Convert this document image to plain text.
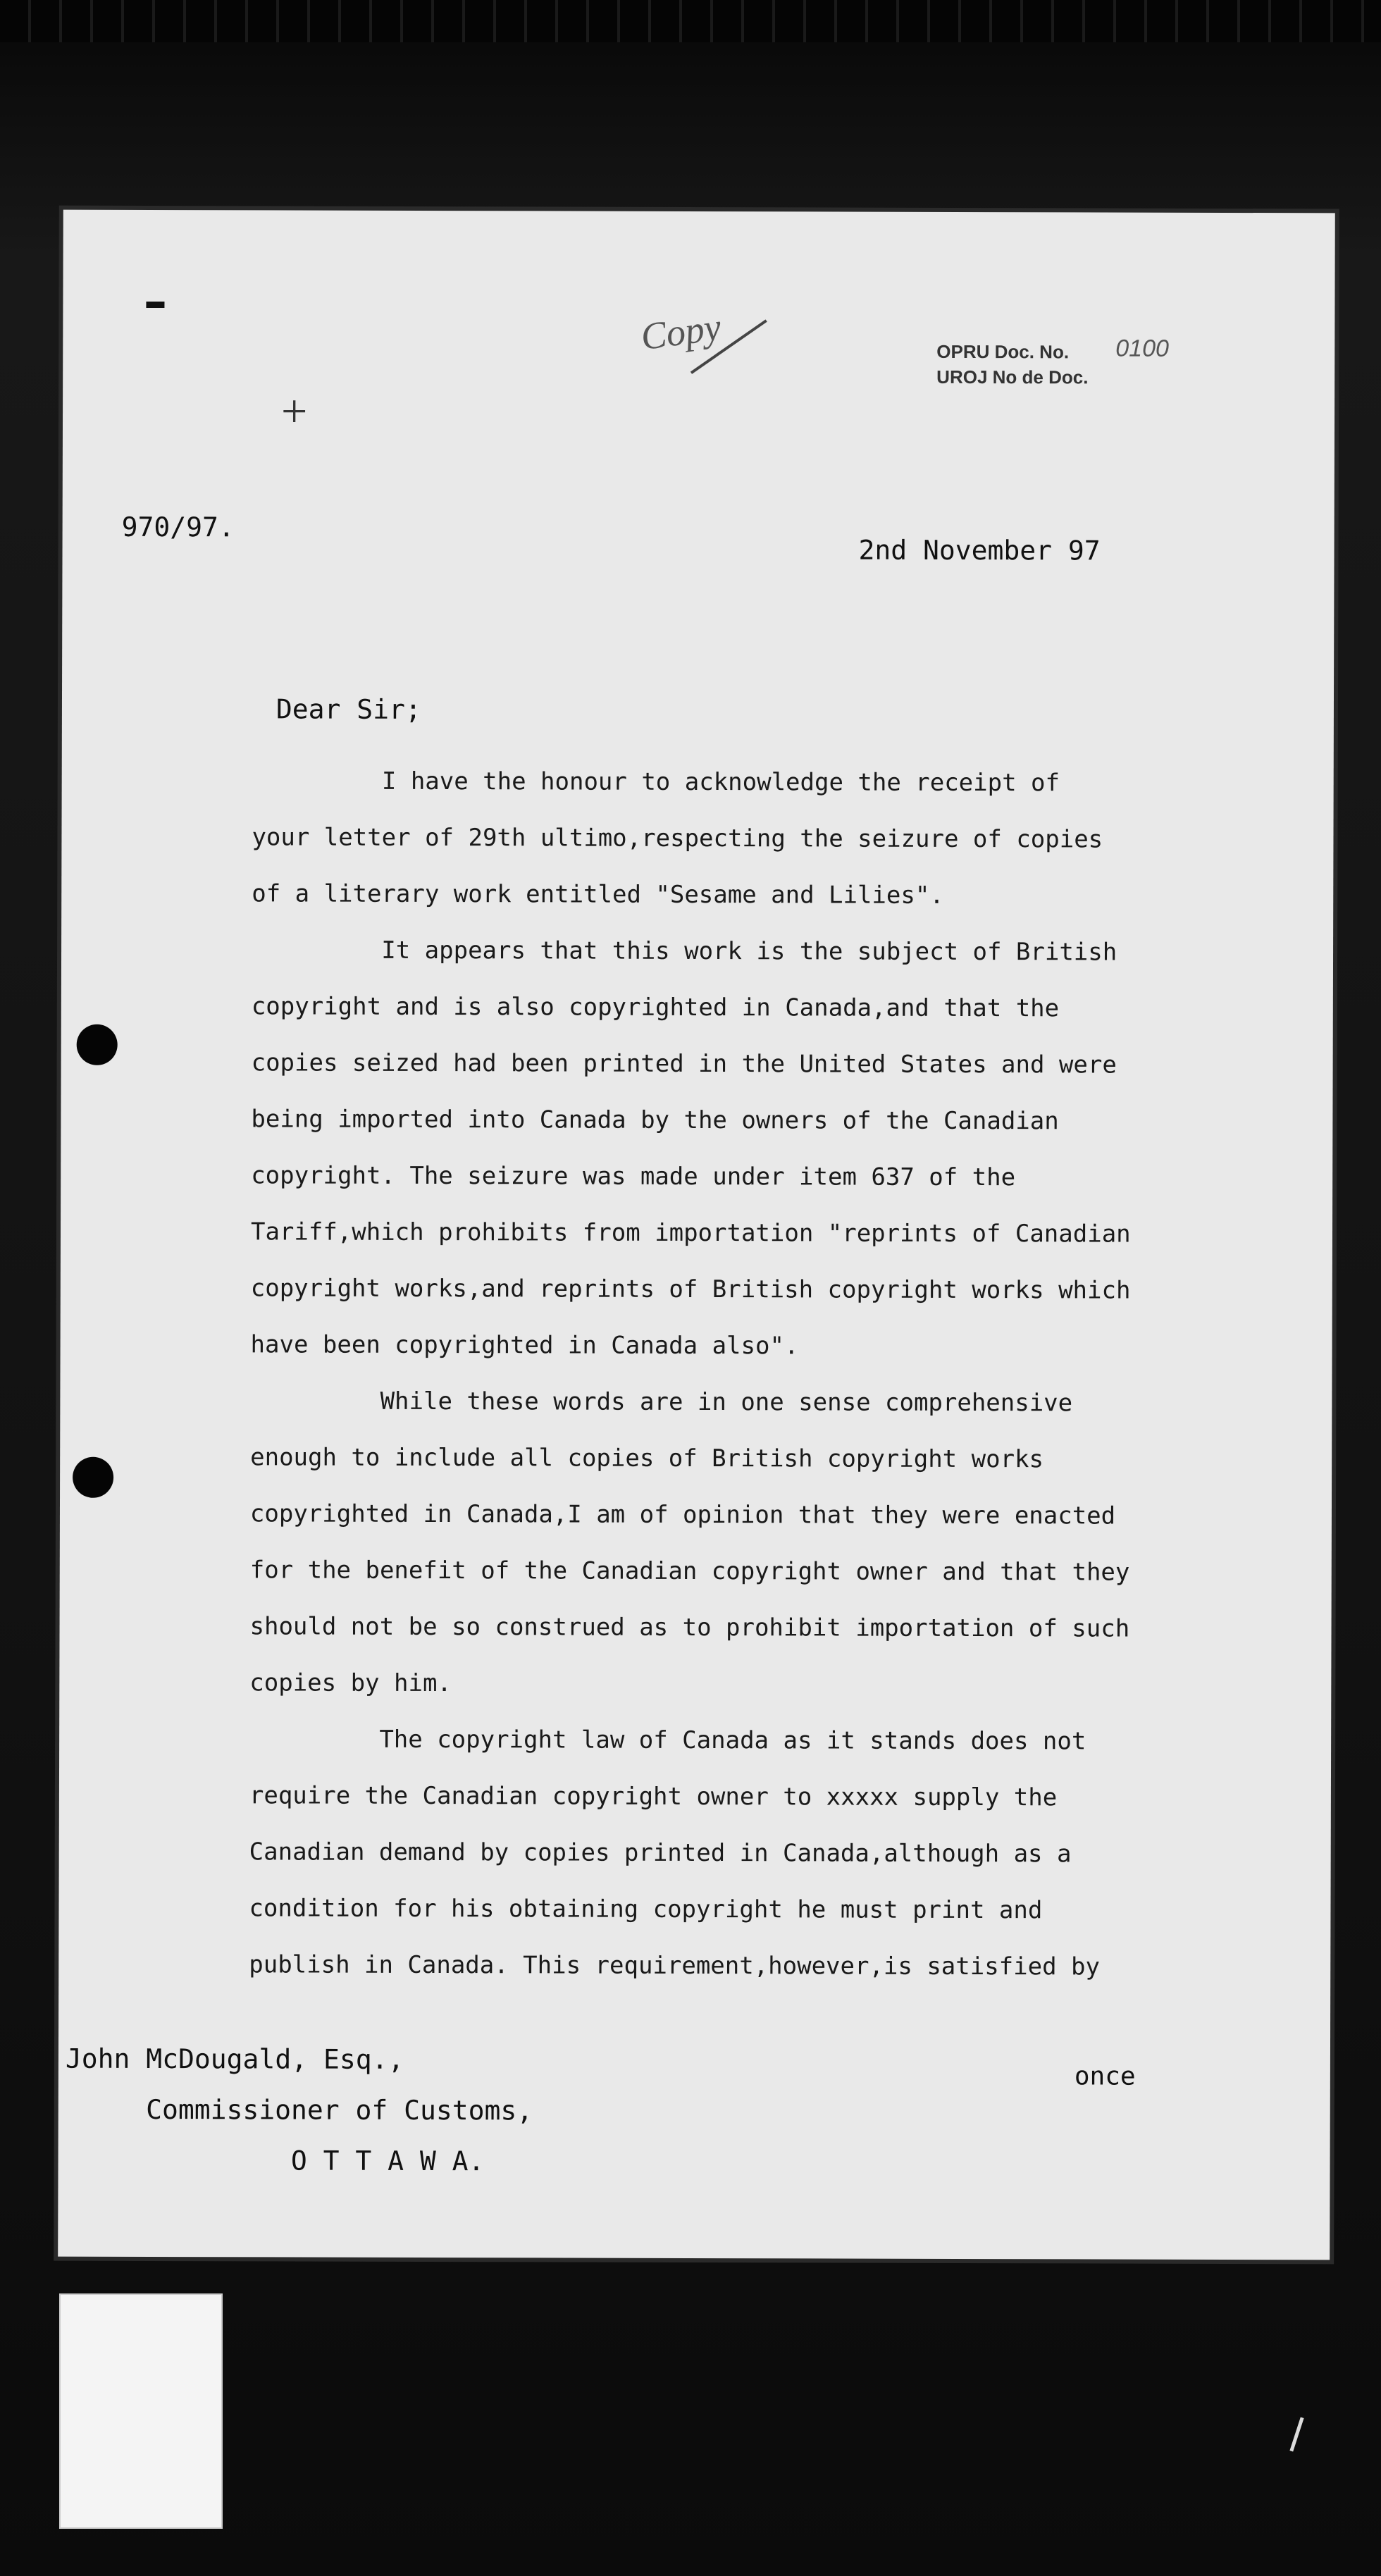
Copy	OPRU Doc. No.
UROJ No de Doc.
0100
+
970/97.
2nd November 97
Dear Sir;
I have the honour to acknowledge the receipt of
your letter of 29th ultimo,respecting the seizure of copies
of a literary work entitled "Sesame and Lilies".
It appears that this work is the subject of British
copyright and is also copyrighted in Canada,and that the
copies seized had been printed in the United States and were
being imported into Canada by the owners of the Canadian
copyright. The seizure was made under item 637 of the
Tariff,which prohibits from importation "reprints of Canadian
copyright works,and reprints of British copyright works which
have been copyrighted in Canada also".
While these words are in one sense comprehensive
enough to include all copies of British copyright works
copyrighted in Canada,I am of opinion that they were enacted
for the benefit of the Canadian copyright owner and that they
should not be so construed as to prohibit importation of such
copies by him.
The copyright law of Canada as it stands does not
require the Canadian copyright owner to xxxxx supply the
Canadian demand by copies printed in Canada,although as a
condition for his obtaining copyright he must print and
publish in Canada. This requirement,however,is satisfied by
John McDougald, Esq.,
Commissioner of Customs,
O T T A W A.
once
